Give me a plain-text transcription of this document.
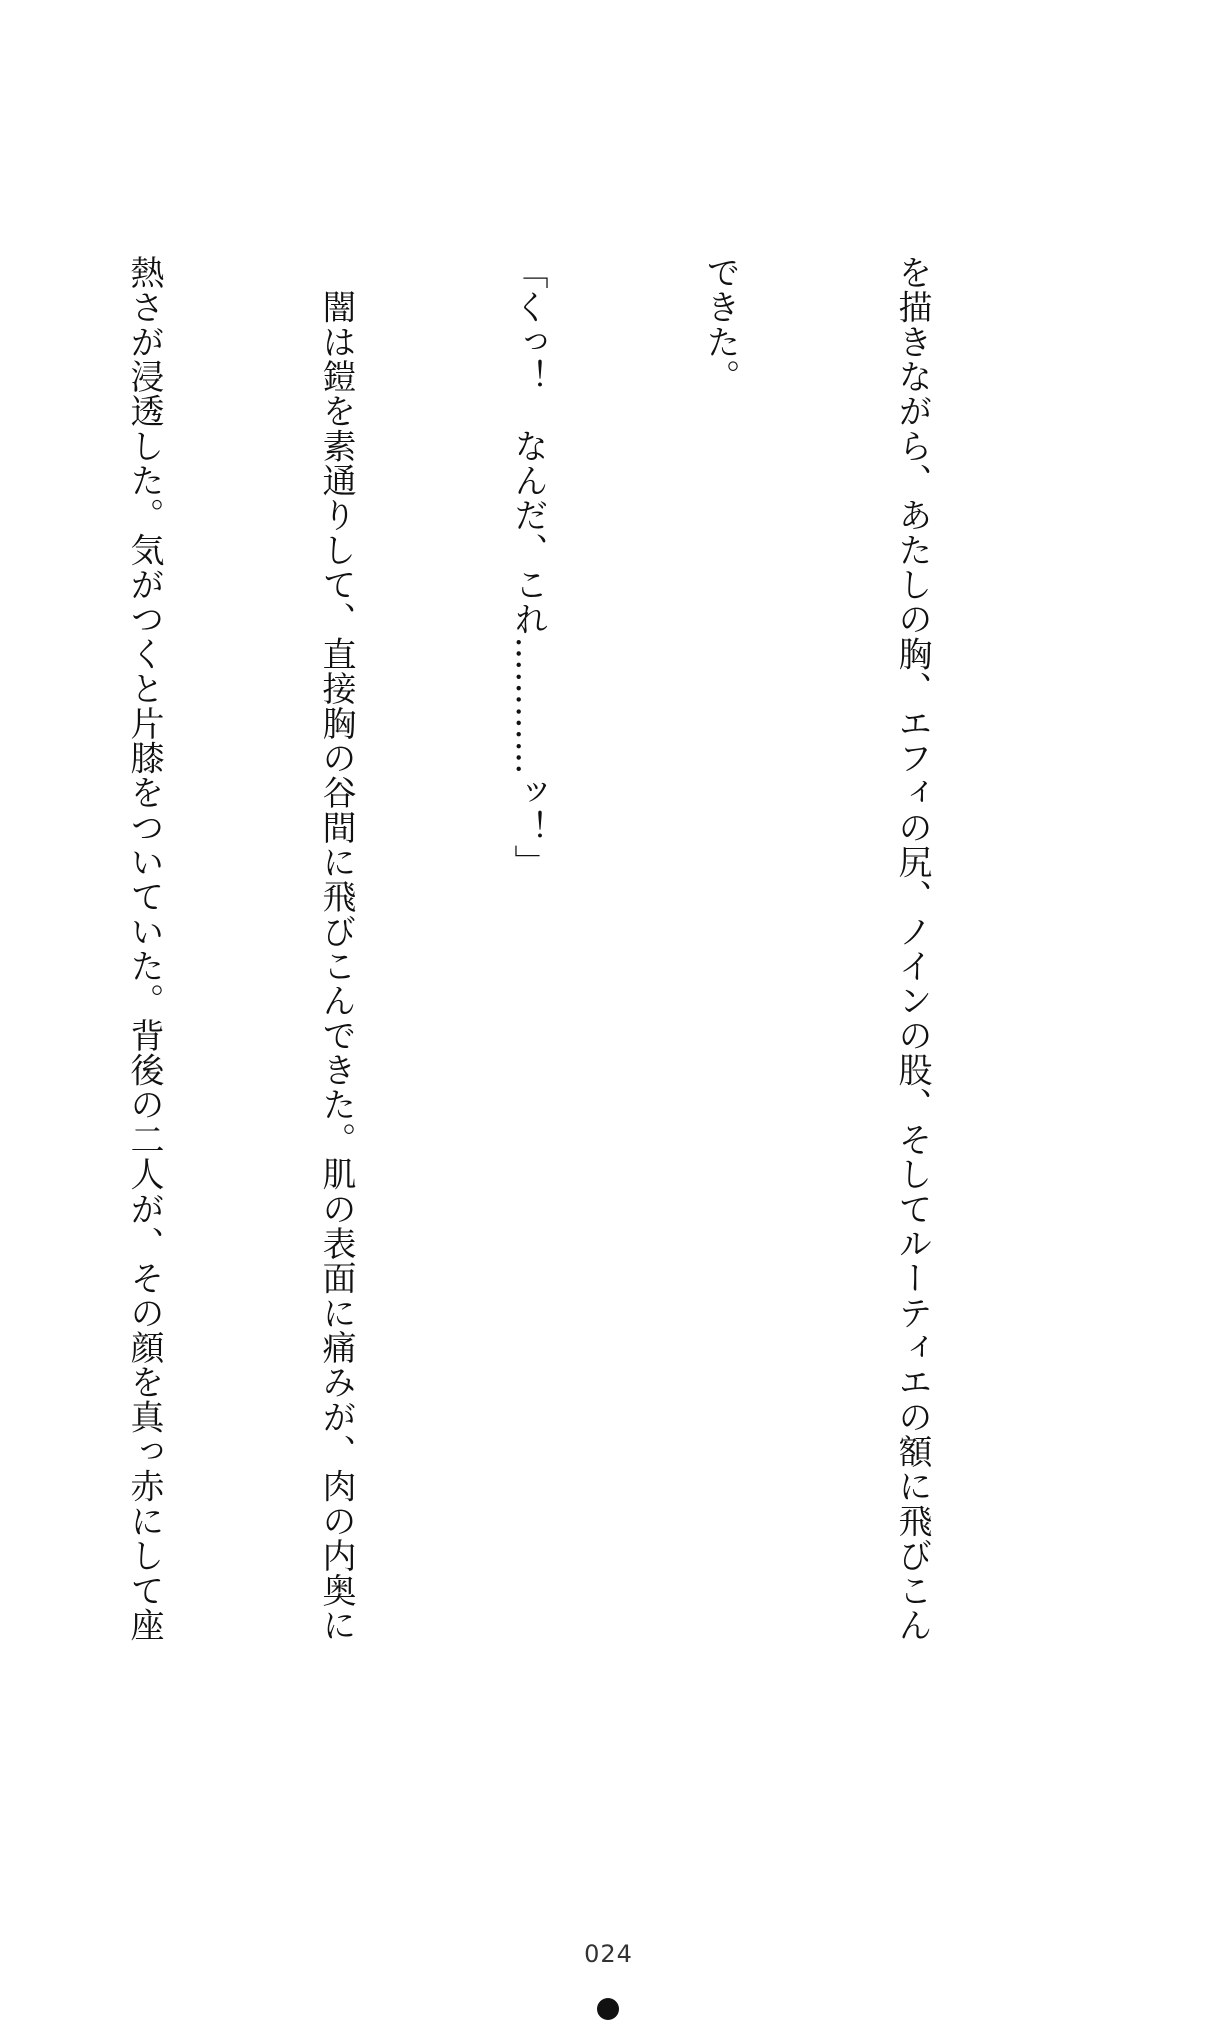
を描きながら、あたしの胸、エフィの尻、ノインの股、そしてルーティエの額に飛びこん

できた。

「くっ！　なんだ、これ…………ッ！」

　闇は鎧を素通りして、直接胸の谷間に飛びこんできた。肌の表面に痛みが、肉の内奥に

熱さが浸透した。気がつくと片膝をついていた。背後の二人が、その顔を真っ赤にして座

024
